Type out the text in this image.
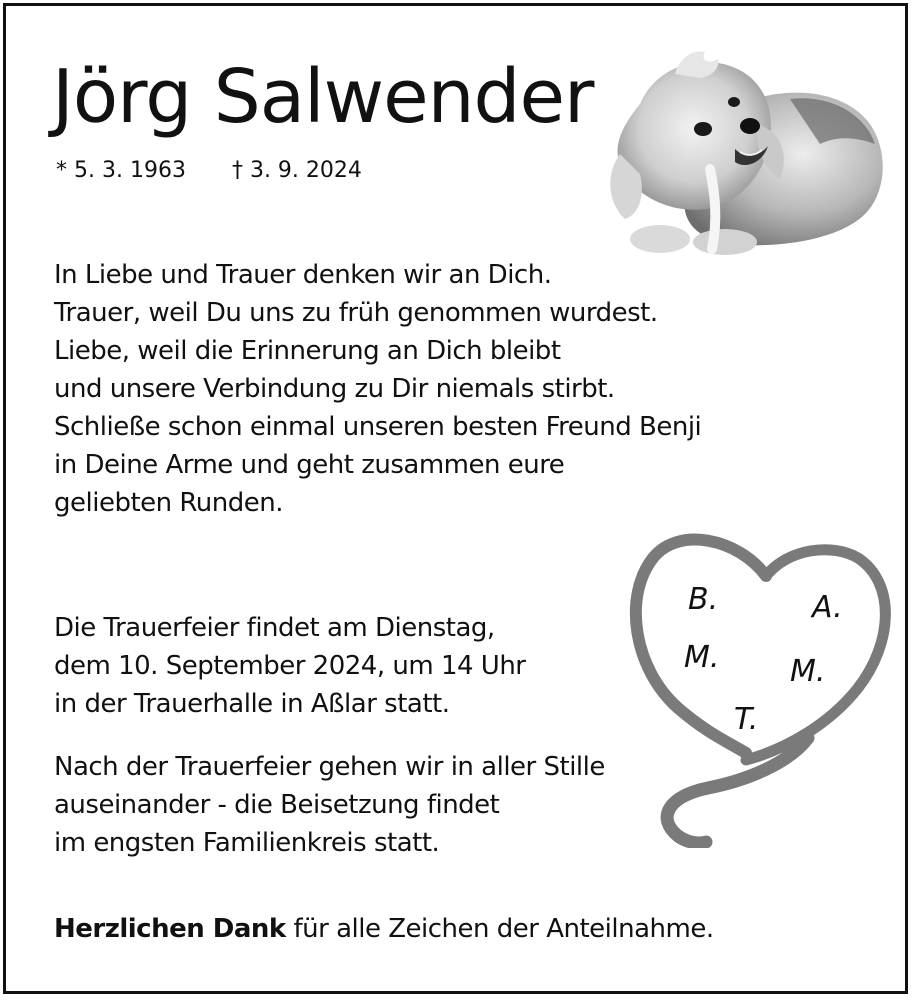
Jörg Salwender
* 5. 3. 1963 † 3. 9. 2024
In Liebe und Trauer denken wir an Dich.
Trauer, weil Du uns zu früh genommen wurdest.
Liebe, weil die Erinnerung an Dich bleibt
und unsere Verbindung zu Dir niemals stirbt.
Schließe schon einmal unseren besten Freund Benji
in Deine Arme und geht zusammen eure
geliebten Runden.
B.	A.
M. M.
T.
Die Trauerfeier findet am Dienstag,
dem 10. September 2024, um 14 Uhr
in der Trauerhalle in Aßlar statt.
Nach der Trauerfeier gehen wir in aller Stille
auseinander - die Beisetzung findet
im engsten Familienkreis statt.
Herzlichen Dank für alle Zeichen der Anteilnahme.
